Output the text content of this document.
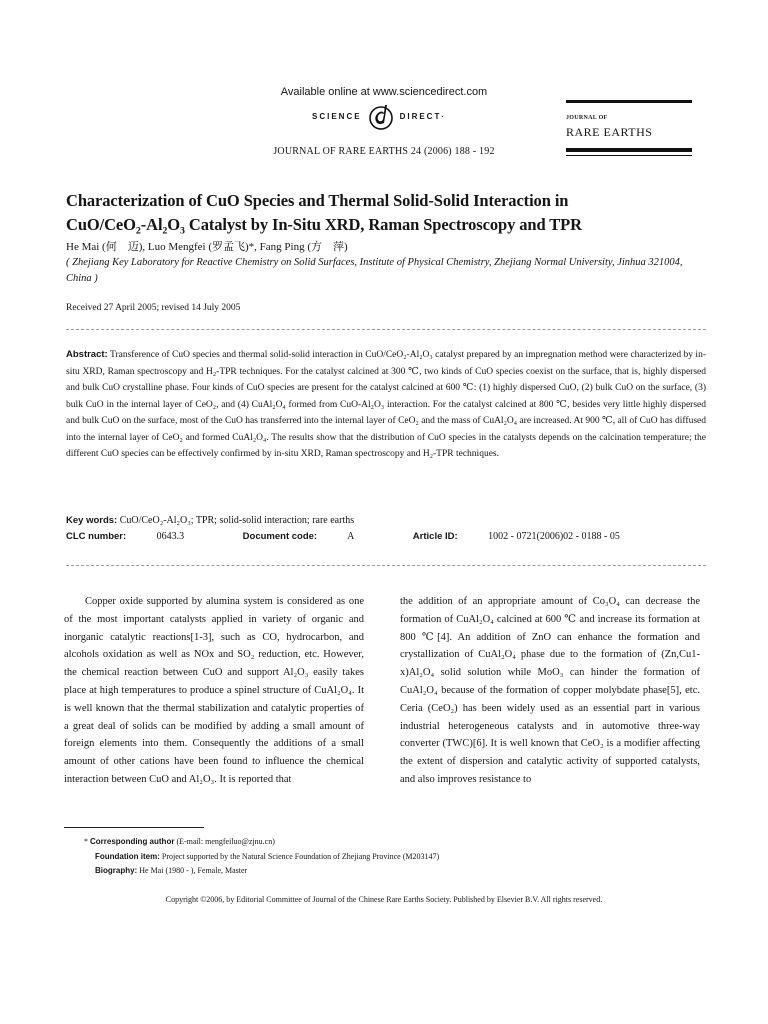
Available online at www.sciencedirect.com
SCIENCE	DIRECT ·
JOURNAL OF RARE EARTHS 24 (2006) 188 - 192
JOURNAL OF
RARE EARTHS
Characterization of CuO Species and Thermal Solid-Solid Interaction in
CuO/CeO₂-Al₂O₃ Catalyst by In-Situ XRD, Raman Spectroscopy and TPR
He Mai (何　迈), Luo Mengfei (罗孟飞)*, Fang Ping (方　萍)
( Zhejiang Key Laboratory for Reactive Chemistry on Solid Surfaces, Institute of Physical Chemistry, Zhejiang Normal University, Jinhua 321004, China )
Received 27 April 2005; revised 14 July 2005
Abstract: Transference of CuO species and thermal solid-solid interaction in CuO/CeO₂-Al₂O₃ catalyst prepared by an impregnation method were characterized by in-situ XRD, Raman spectroscopy and H₂-TPR techniques. For the catalyst calcined at 300 ℃, two kinds of CuO species coexist on the surface, that is, highly dispersed and bulk CuO crystalline phase. Four kinds of CuO species are present for the catalyst calcined at 600 ℃: (1) highly dispersed CuO, (2) bulk CuO on the surface, (3) bulk CuO in the internal layer of CeO₂, and (4) CuAl₂O₄ formed from CuO-Al₂O₃ interaction. For the catalyst calcined at 800 ℃, besides very little highly dispersed and bulk CuO on the surface, most of the CuO has transferred into the internal layer of CeO₂ and the mass of CuAl₂O₄ are increased. At 900 ℃, all of CuO has diffused into the internal layer of CeO₂ and formed CuAl₂O₄. The results show that the distribution of CuO species in the catalysts depends on the calcination temperature; the different CuO species can be effectively confirmed by in-situ XRD, Raman spectroscopy and H₂-TPR techniques.
Key words: CuO/CeO₂-Al₂O₃; TPR; solid-solid interaction; rare earths
CLC number:	0643.3	Document code:	A	Article ID:	1002 - 0721(2006)02 - 0188 - 05

Copper oxide supported by alumina system is considered as one of the most important catalysts applied in variety of organic and inorganic catalytic reactions[1-3], such as CO, hydrocarbon, and alcohols oxidation as well as NOx and SO₂ reduction, etc. However, the chemical reaction between CuO and support Al₂O₃ easily takes place at high temperatures to produce a spinel structure of CuAl₂O₄. It is well known that the thermal stabilization and catalytic properties of a great deal of solids can be modified by adding a small amount of foreign elements into them. Consequently the additions of a small amount of other cations have been found to influence the chemical interaction between CuO and Al₂O₃. It is reported that

the addition of an appropriate amount of Co₃O₄ can decrease the formation of CuAl₂O₄ calcined at 600 ℃ and increase its formation at 800 ℃[4]. An addition of ZnO can enhance the formation and crystallization of CuAl₂O₄ phase due to the formation of (Zn,Cu1-x)Al₂O₄ solid solution while MoO₃ can hinder the formation of CuAl₂O₄ because of the formation of copper molybdate phase[5], etc. Ceria (CeO₂) has been widely used as an essential part in various industrial heterogeneous catalysts and in automotive three-way converter (TWC)[6]. It is well known that CeO₂ is a modifier affecting the extent of dispersion and catalytic activity of supported catalysts, and also improves resistance to

* Corresponding author (E-mail: mengfeiluo@zjnu.cn)
Foundation item: Project supported by the Natural Science Foundation of Zhejiang Province (M203147)
Biography: He Mai (1980 - ), Female, Master
Copyright ©2006, by Editorial Committee of Journal of the Chinese Rare Earths Society. Published by Elsevier B.V. All rights reserved.
